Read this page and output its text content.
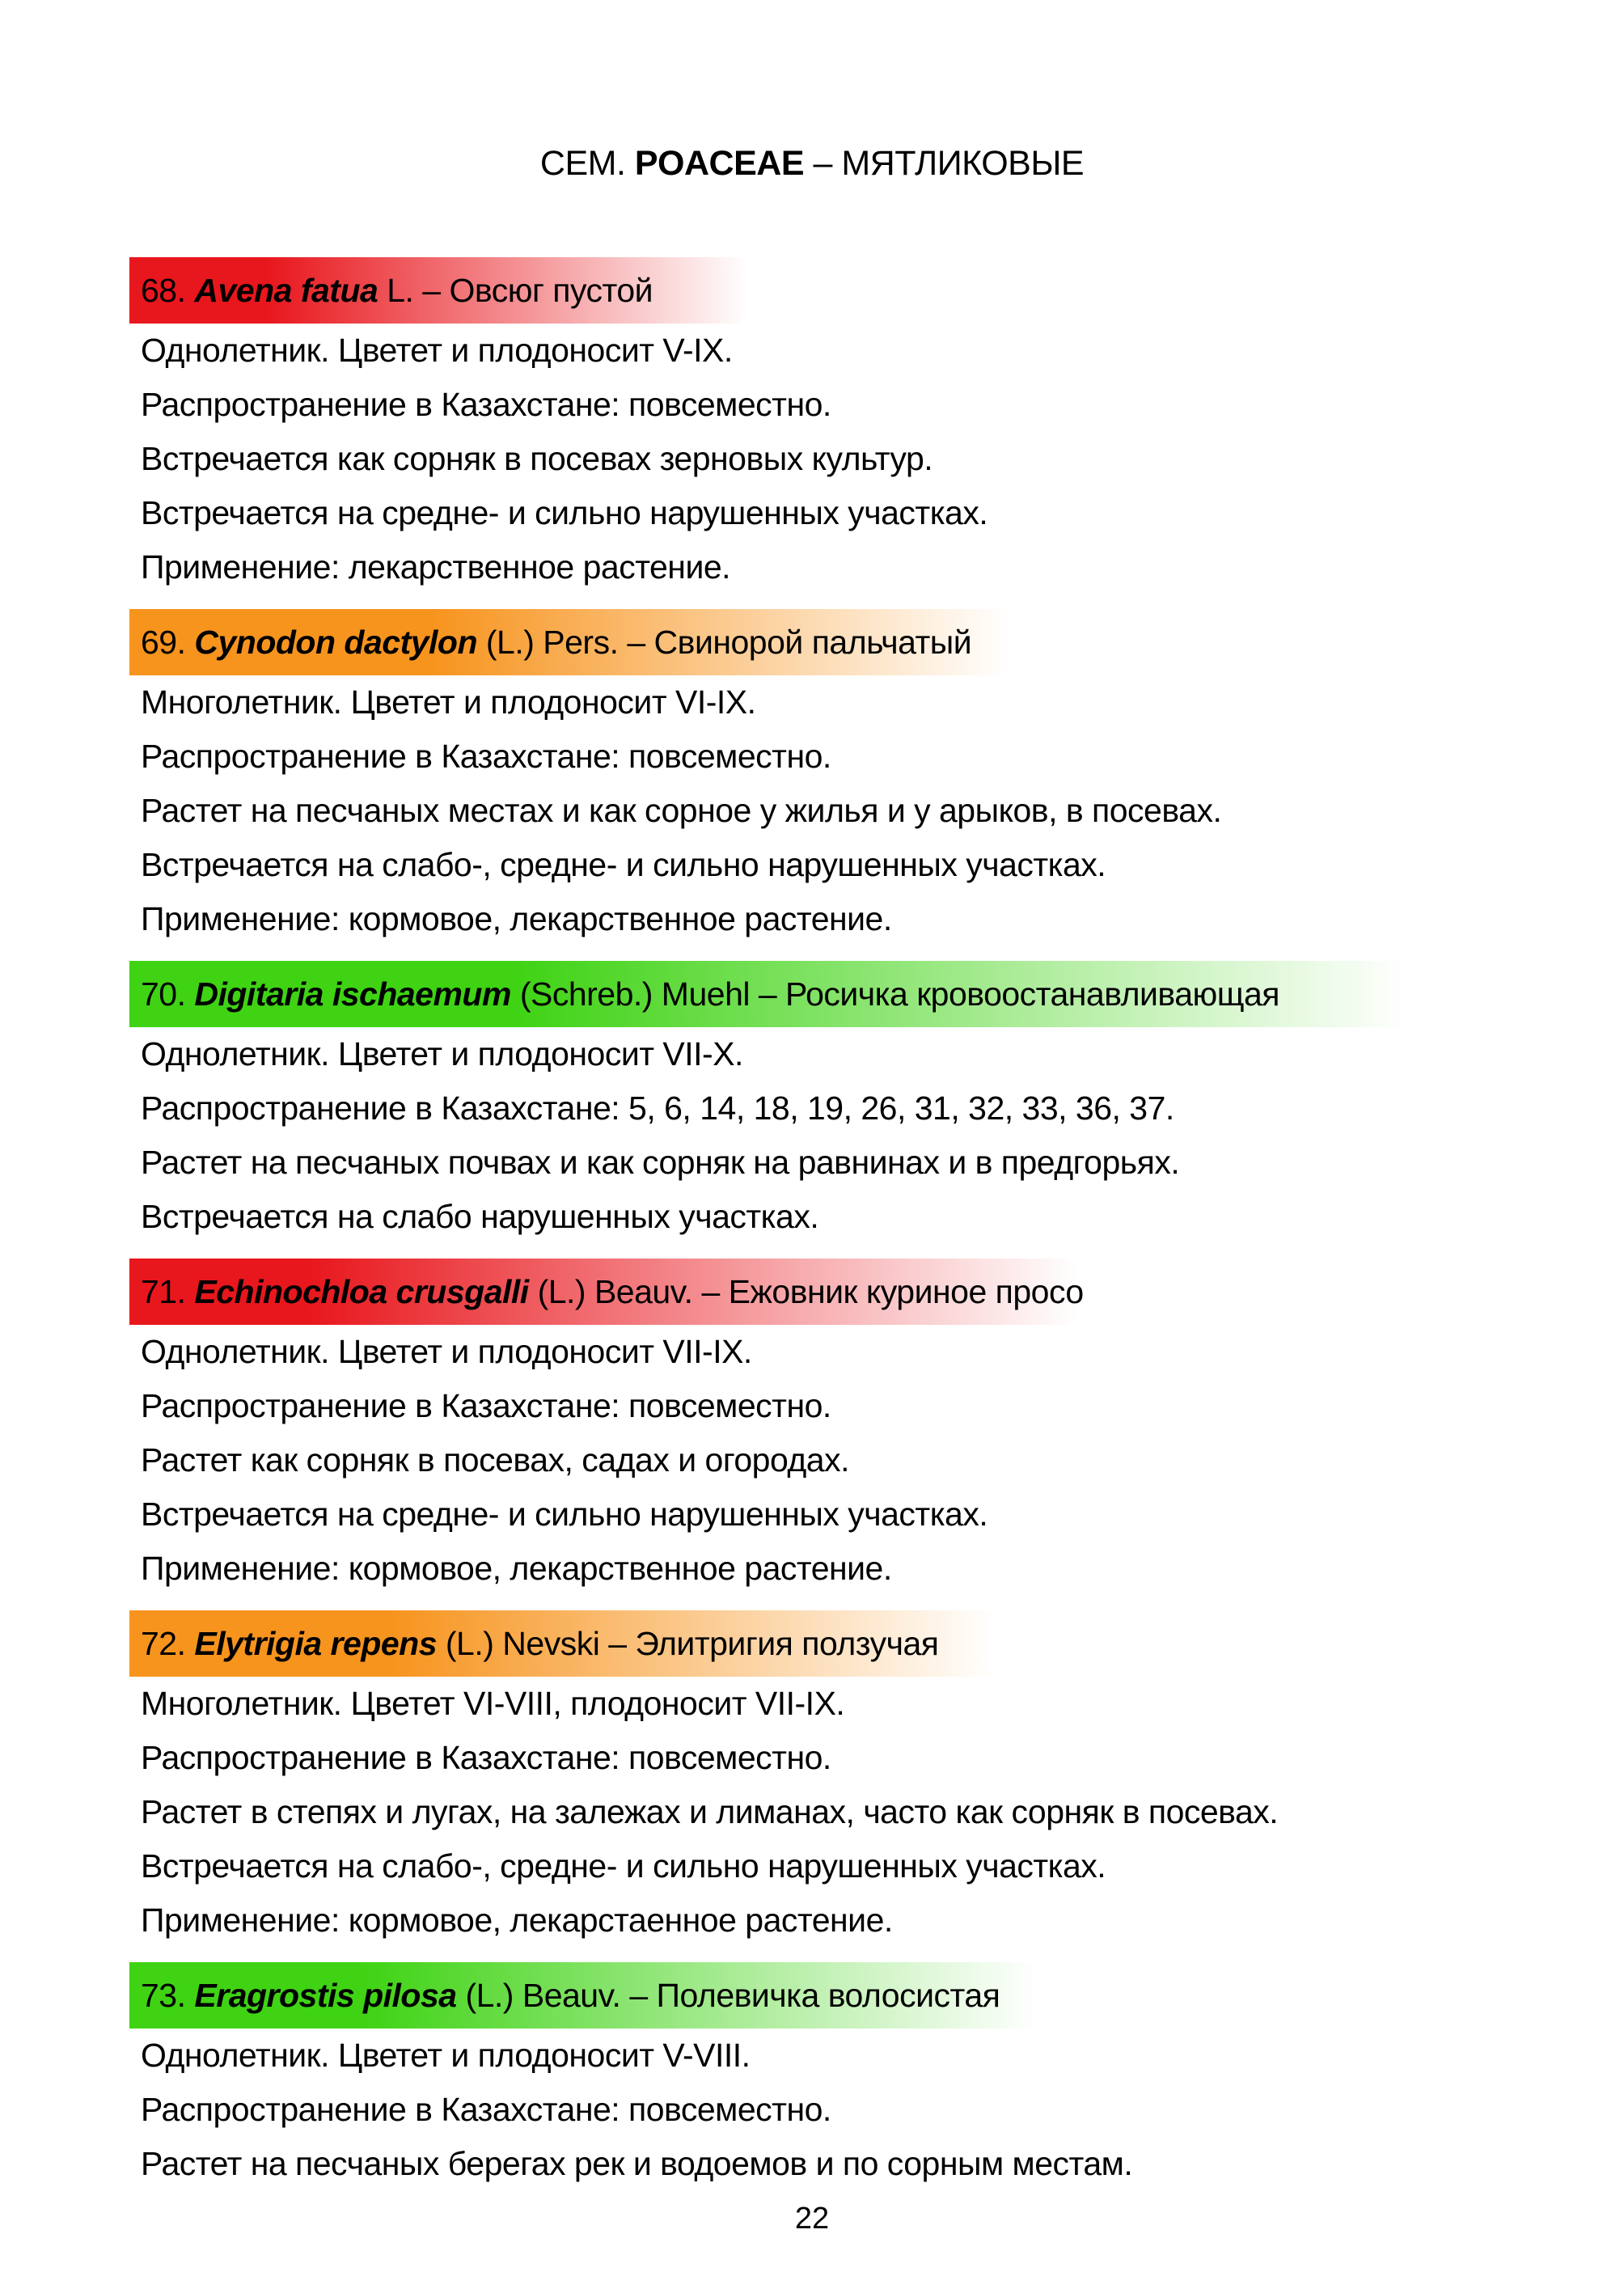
СЕМ. POACEAE – МЯТЛИКОВЫЕ
68. Avena fatua L. – Овсюг пустой
Однолетник. Цветет и плодоносит V-IX.
Распространение в Казахстане: повсеместно.
Встречается как сорняк в посевах зерновых культур.
Встречается на средне- и сильно нарушенных участках.
Применение: лекарственное растение.
69. Cynodon dactylon (L.) Pers. – Свинорой пальчатый
Многолетник. Цветет и плодоносит VI-IX.
Распространение в Казахстане: повсеместно.
Растет на песчаных местах и как сорное у жилья и у арыков, в посевах.
Встречается на слабо-, средне- и сильно нарушенных участках.
Применение: кормовое, лекарственное растение.
70. Digitaria ischaemum (Schreb.) Muehl – Росичка кровоостанавливающая
Однолетник. Цветет и плодоносит VII-X.
Распространение в Казахстане: 5, 6, 14, 18, 19, 26, 31, 32, 33, 36, 37.
Растет на песчаных почвах и как сорняк на равнинах и в предгорьях.
Встречается на слабо нарушенных участках.
71. Echinochloa crusgalli (L.) Beauv. – Ежовник куриное просо
Однолетник. Цветет и плодоносит VII-IX.
Распространение в Казахстане: повсеместно.
Растет как сорняк в посевах, садах и огородах.
Встречается на средне- и сильно нарушенных участках.
Применение: кормовое, лекарственное растение.
72. Elytrigia repens (L.) Nevski – Элитригия ползучая
Многолетник. Цветет VI-VIII, плодоносит VII-IX.
Распространение в Казахстане: повсеместно.
Растет в степях и лугах, на залежах и лиманах, часто как сорняк в посевах.
Встречается на слабо-, средне- и сильно нарушенных участках.
Применение: кормовое, лекарстаенное растение.
73. Eragrostis pilosa (L.) Beauv. – Полевичка волосистая
Однолетник. Цветет и плодоносит V-VIII.
Распространение в Казахстане: повсеместно.
Растет на песчаных берегах рек и водоемов и по сорным местам.
22
